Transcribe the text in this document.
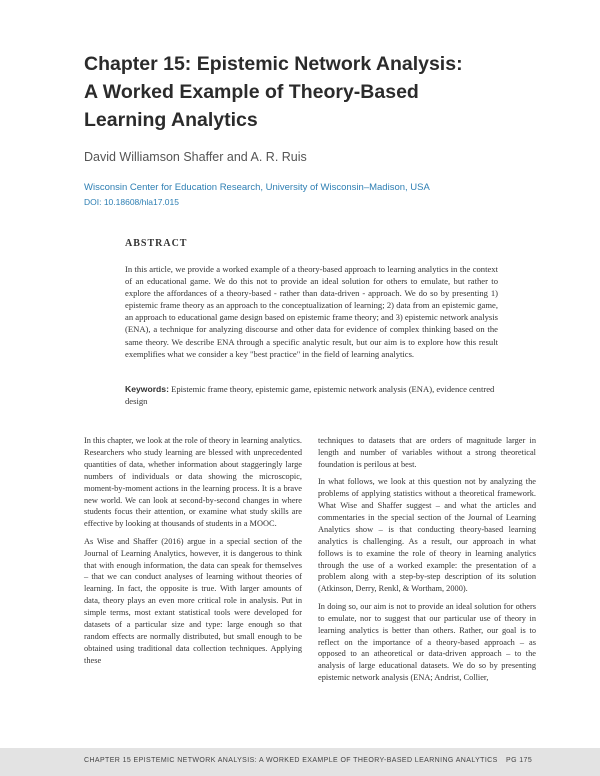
Chapter 15: Epistemic Network Analysis:
A Worked Example of Theory-Based
Learning Analytics
David Williamson Shaffer and A. R. Ruis
Wisconsin Center for Education Research, University of Wisconsin–Madison, USA
DOI: 10.18608/hla17.015
ABSTRACT

In this article, we provide a worked example of a theory-based approach to learning analytics in the context of an educational game. We do this not to provide an ideal solution for others to emulate, but rather to explore the affordances of a theory-based - rather than data-driven - approach. We do so by presenting 1) epistemic frame theory as an approach to the conceptualization of learning; 2) data from an epistemic game, an approach to educational game design based on epistemic frame theory; and 3) epistemic network analysis (ENA), a technique for analyzing discourse and other data for evidence of complex thinking based on the same theory. We describe ENA through a specific analytic result, but our aim is to explore how this result exemplifies what we consider a key "best practice" in the field of learning analytics.

Keywords: Epistemic frame theory, epistemic game, epistemic network analysis (ENA), evidence centred design

In this chapter, we look at the role of theory in learning analytics. Researchers who study learning are blessed with unprecedented quantities of data, whether information about staggeringly large numbers of individuals or data showing the microscopic, moment-by-moment actions in the learning process. It is a brave new world. We can look at second-by-second changes in where students focus their attention, or examine what study skills are effective by looking at thousands of students in a MOOC.

As Wise and Shaffer (2016) argue in a special section of the Journal of Learning Analytics, however, it is dangerous to think that with enough information, the data can speak for themselves – that we can conduct analyses of learning without theories of learning. In fact, the opposite is true. With larger amounts of data, theory plays an even more critical role in analysis. Put in simple terms, most extant statistical tools were developed for datasets of a particular size and type: large enough so that random effects are normally distributed, but small enough to be obtained using traditional data collection techniques. Applying these

techniques to datasets that are orders of magnitude larger in length and number of variables without a strong theoretical foundation is perilous at best.

In what follows, we look at this question not by analyzing the problems of applying statistics without a theoretical framework. What Wise and Shaffer suggest – and what the articles and commentaries in the special section of the Journal of Learning Analytics show – is that conducting theory-based learning analytics is challenging. As a result, our approach in what follows is to examine the role of theory in learning analytics through the use of a worked example: the presentation of a problem along with a step-by-step description of its solution (Atkinson, Derry, Renkl, & Wortham, 2000).

In doing so, our aim is not to provide an ideal solution for others to emulate, nor to suggest that our particular use of theory in learning analytics is better than others. Rather, our goal is to reflect on the importance of a theory-based approach – as opposed to an atheoretical or data-driven approach – to the analysis of large educational datasets. We do so by presenting epistemic network analysis (ENA; Andrist, Collier,

CHAPTER 15 EPISTEMIC NETWORK ANALYSIS: A WORKED EXAMPLE OF THEORY-BASED LEARNING ANALYTICS PG 175
